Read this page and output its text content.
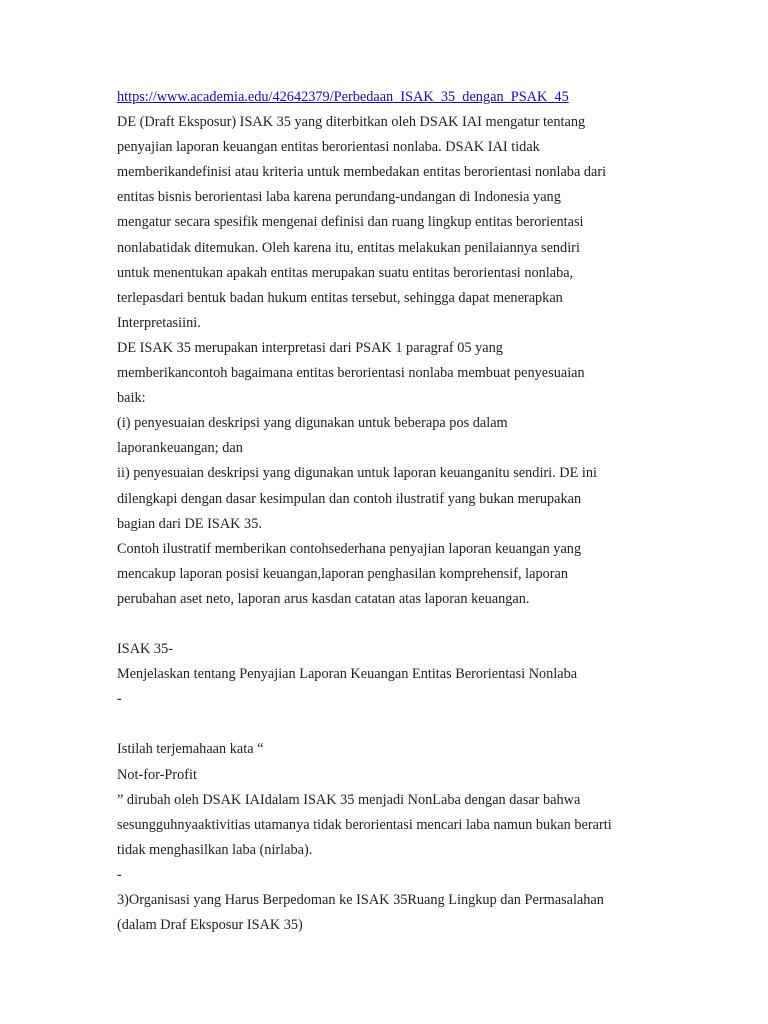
https://www.academia.edu/42642379/Perbedaan_ISAK_35_dengan_PSAK_45
DE (Draft Eksposur) ISAK 35 yang diterbitkan oleh DSAK IAI mengatur tentang
penyajian laporan keuangan entitas berorientasi nonlaba. DSAK IAI tidak
memberikandefinisi atau kriteria untuk membedakan entitas berorientasi nonlaba dari
entitas bisnis berorientasi laba karena perundang-undangan di Indonesia yang
mengatur secara spesifik mengenai definisi dan ruang lingkup entitas berorientasi
nonlabatidak ditemukan. Oleh karena itu, entitas melakukan penilaiannya sendiri
untuk menentukan apakah entitas merupakan suatu entitas berorientasi nonlaba,
terlepasdari bentuk badan hukum entitas tersebut, sehingga dapat menerapkan
Interpretasiini.
DE ISAK 35 merupakan interpretasi dari PSAK 1 paragraf 05 yang
memberikancontoh bagaimana entitas berorientasi nonlaba membuat penyesuaian
baik:
(i) penyesuaian deskripsi yang digunakan untuk beberapa pos dalam
laporankeuangan; dan
ii) penyesuaian deskripsi yang digunakan untuk laporan keuanganitu sendiri. DE ini
dilengkapi dengan dasar kesimpulan dan contoh ilustratif yang bukan merupakan
bagian dari DE ISAK 35.
Contoh ilustratif memberikan contohsederhana penyajian laporan keuangan yang
mencakup laporan posisi keuangan,laporan penghasilan komprehensif, laporan
perubahan aset neto, laporan arus kasdan catatan atas laporan keuangan.
ISAK 35-
Menjelaskan tentang Penyajian Laporan Keuangan Entitas Berorientasi Nonlaba
-
Istilah terjemahaan kata “
Not-for-Profit
” dirubah oleh DSAK IAIdalam ISAK 35 menjadi NonLaba dengan dasar bahwa
sesungguhnyaaktivitias utamanya tidak berorientasi mencari laba namun bukan berarti
tidak menghasilkan laba (nirlaba).
-
3)Organisasi yang Harus Berpedoman ke ISAK 35Ruang Lingkup dan Permasalahan
(dalam Draf Eksposur ISAK 35)
